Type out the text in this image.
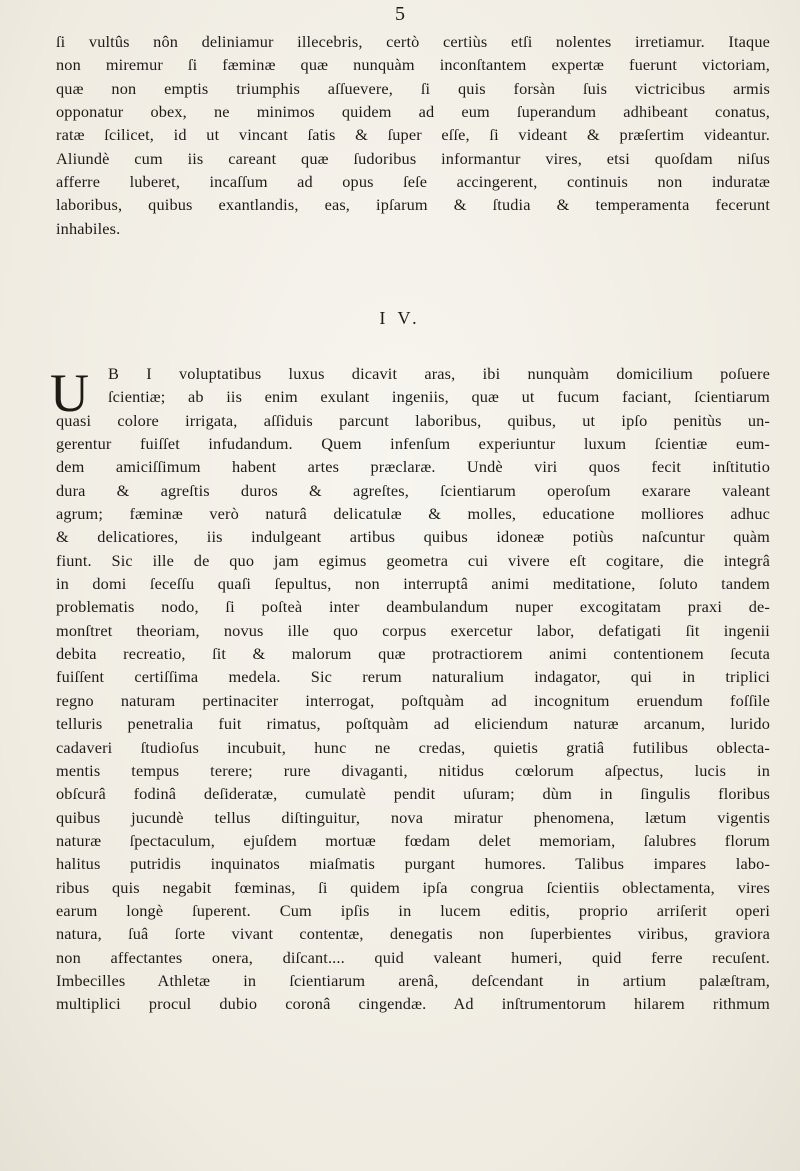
5
ſi vultûs nôn deliniamur illecebris, certò certiùs etſi nolentes irretiamur. Itaque
non miremur ſi fæminæ quæ nunquàm inconſtantem expertæ fuerunt victoriam,
quæ non emptis triumphis aſſuevere, ſi quis forsàn ſuis victricibus armis
opponatur obex, ne minimos quidem ad eum ſuperandum adhibeant conatus,
ratæ ſcilicet, id ut vincant ſatis & ſuper eſſe, ſi videant & præſertim videantur.
Aliundè cum iis careant quæ ſudoribus informantur vires, etsi quoſdam niſus
afferre luberet, incaſſum ad opus ſeſe accingerent, continuis non induratæ
laboribus, quibus exantlandis, eas, ipſarum & ſtudia & temperamenta fecerunt
inhabiles.
I V.
U	B I voluptatibus luxus dicavit aras, ibi nunquàm domicilium poſuere
ſcientiæ; ab iis enim exulant ingeniis, quæ ut fucum faciant, ſcientiarum
quasi colore irrigata, aſſiduis parcunt laboribus, quibus, ut ipſo penitùs un-
gerentur fuiſſet infudandum. Quem infenſum experiuntur luxum ſcientiæ eum-
dem amiciſſimum habent artes præclaræ. Undè viri quos fecit inſtitutio
dura & agreſtis duros & agreſtes, ſcientiarum operoſum exarare valeant
agrum; fæminæ verò naturâ delicatulæ & molles, educatione molliores adhuc
& delicatiores, iis indulgeant artibus quibus idoneæ potiùs naſcuntur quàm
fiunt. Sic ille de quo jam egimus geometra cui vivere eſt cogitare, die integrâ
in domi ſeceſſu quaſi ſepultus, non interruptâ animi meditatione, ſoluto tandem
problematis nodo, ſi poſteà inter deambulandum nuper excogitatam praxi de-
monſtret theoriam, novus ille quo corpus exercetur labor, defatigati ſit ingenii
debita recreatio, ſit & malorum quæ protractiorem animi contentionem ſecuta
fuiſſent certiſſima medela. Sic rerum naturalium indagator, qui in triplici
regno naturam pertinaciter interrogat, poſtquàm ad incognitum eruendum foſſile
telluris penetralia fuit rimatus, poſtquàm ad eliciendum naturæ arcanum, lurido
cadaveri ſtudioſus incubuit, hunc ne credas, quietis gratiâ futilibus oblecta-
mentis tempus terere; rure divaganti, nitidus cœlorum aſpectus, lucis in
obſcurâ fodinâ deſideratæ, cumulatè pendit uſuram; dùm in ſingulis floribus
quibus jucundè tellus diſtinguitur, nova miratur phenomena, lætum vigentis
naturæ ſpectaculum, ejuſdem mortuæ fœdam delet memoriam, ſalubres florum
halitus putridis inquinatos miaſmatis purgant humores. Talibus impares labo-
ribus quis negabit fœminas, ſi quidem ipſa congrua ſcientiis oblectamenta, vires
earum longè ſuperent. Cum ipſis in lucem editis, proprio arriſerit operi
natura, ſuâ ſorte vivant contentæ, denegatis non ſuperbientes viribus, graviora
non affectantes onera, diſcant.... quid valeant humeri, quid ferre recuſent.
Imbecilles Athletæ in ſcientiarum arenâ, deſcendant in artium palæſtram,
multiplici procul dubio coronâ cingendæ. Ad inſtrumentorum hilarem rithmum
